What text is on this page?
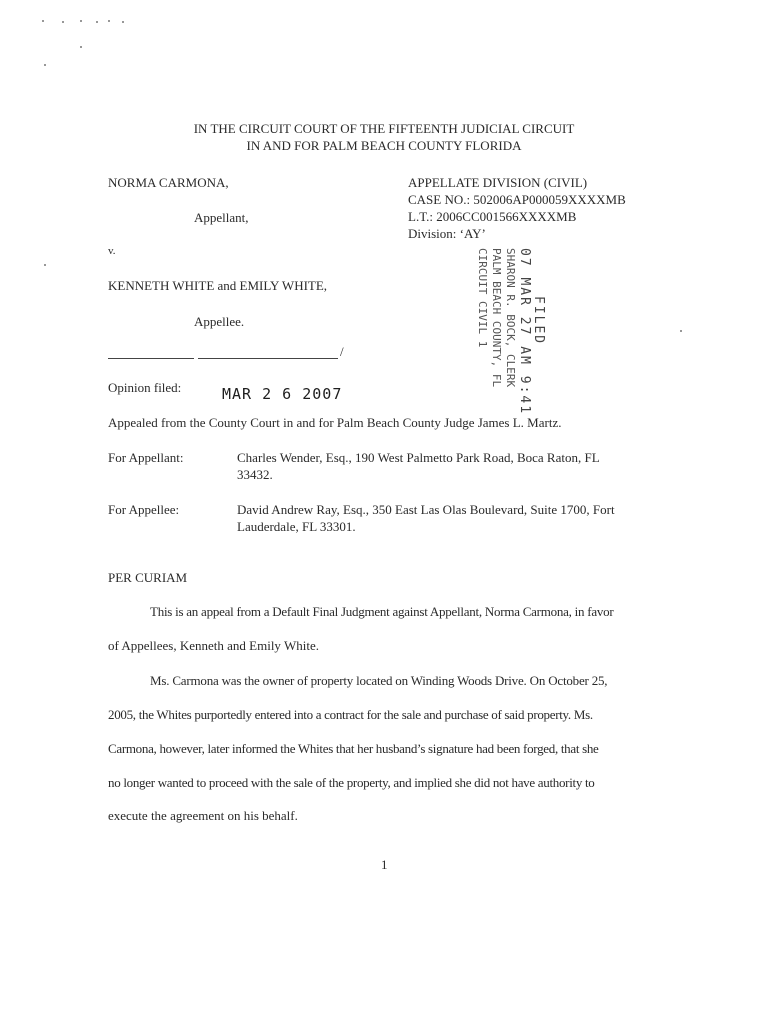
IN THE CIRCUIT COURT OF THE FIFTEENTH JUDICIAL CIRCUIT
IN AND FOR PALM BEACH COUNTY FLORIDA
NORMA CARMONA,
Appellant,
v.
KENNETH WHITE and EMILY WHITE,
Appellee.
/
APPELLATE DIVISION (CIVIL)
CASE NO.: 502006AP000059XXXXMB
L.T.: 2006CC001566XXXXMB
Division: ‘AY’
FILED
07 MAR 27 AM 9:41
SHARON R. BOCK, CLERK
PALM BEACH COUNTY, FL
CIRCUIT CIVIL 1
Opinion filed:	MAR 2 6 2007
Appealed from the County Court in and for Palm Beach County Judge James L. Martz.
For Appellant:	Charles Wender, Esq., 190 West Palmetto Park Road, Boca Raton, FL
33432.
For Appellee:	David Andrew Ray, Esq., 350 East Las Olas Boulevard, Suite 1700, Fort
Lauderdale, FL 33301.
PER CURIAM
This is an appeal from a Default Final Judgment against Appellant, Norma Carmona, in favor
of Appellees, Kenneth and Emily White.
Ms. Carmona was the owner of property located on Winding Woods Drive. On October 25,
2005, the Whites purportedly entered into a contract for the sale and purchase of said property. Ms.
Carmona, however, later informed the Whites that her husband’s signature had been forged, that she
no longer wanted to proceed with the sale of the property, and implied she did not have authority to
execute the agreement on his behalf.
1
